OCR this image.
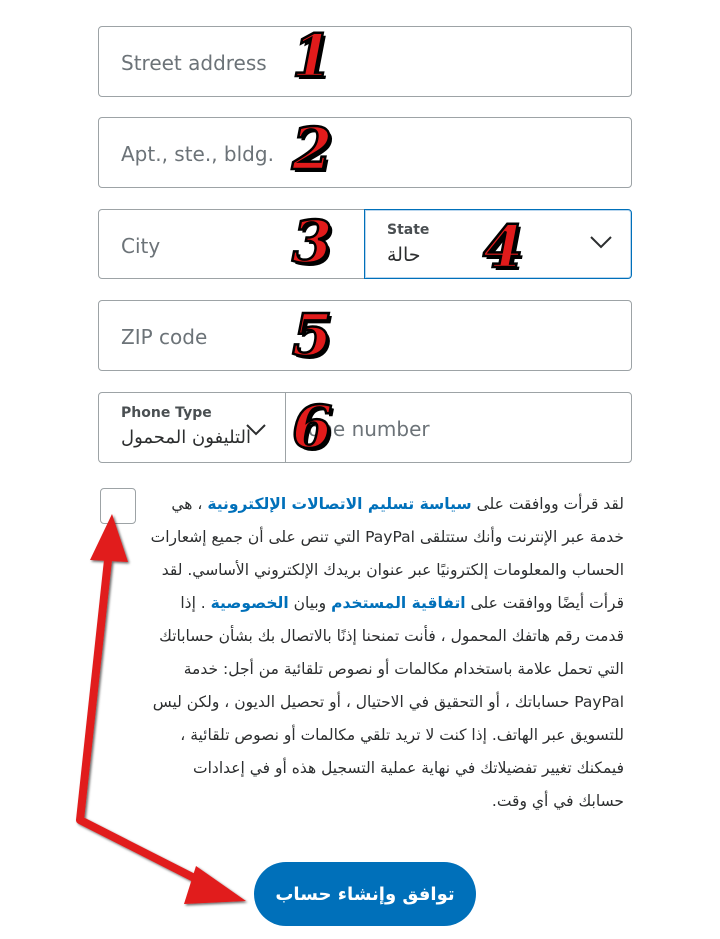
Street address
Apt., ste., bldg.
City
State
حالة
ZIP code
Phone Type
التليفون المحمول	one number
1
2
3	4
5
6
لقد قرأت ووافقت على سياسة تسليم الاتصالات الإلكترونية ، هي خدمة عبر الإنترنت وأنك ستتلقى PayPal التي تنص على أن جميع إشعارات الحساب والمعلومات إلكترونيًا عبر عنوان بريدك الإلكتروني الأساسي. لقد قرأت أيضًا ووافقت على اتفاقية المستخدم وبيان الخصوصية . إذا قدمت رقم هاتفك المحمول ، فأنت تمنحنا إذنًا بالاتصال بك بشأن حساباتك التي تحمل علامة باستخدام مكالمات أو نصوص تلقائية من أجل: خدمة PayPal حساباتك ، أو التحقيق في الاحتيال ، أو تحصيل الديون ، ولكن ليس للتسويق عبر الهاتف. إذا كنت لا تريد تلقي مكالمات أو نصوص تلقائية ، فيمكنك تغيير تفضيلاتك في نهاية عملية التسجيل هذه أو في إعدادات حسابك في أي وقت.
توافق وإنشاء حساب
